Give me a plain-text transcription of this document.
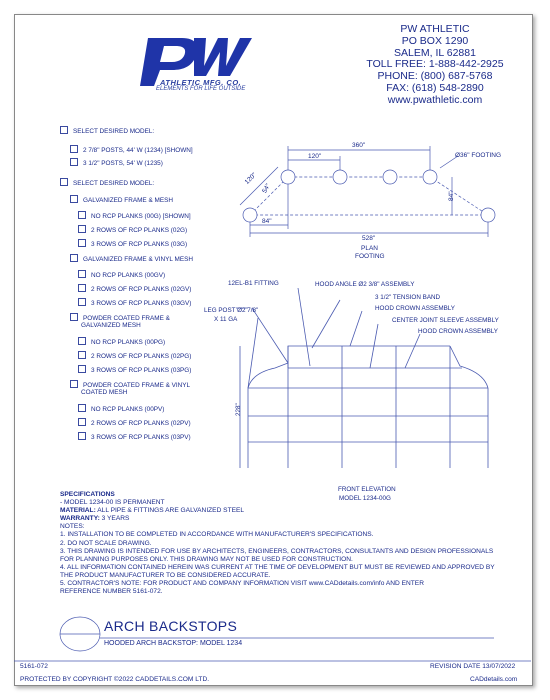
ATHLETIC MFG. CO.
ELEMENTS FOR LIFE OUTSIDE
PW ATHLETIC
PO BOX 1290
SALEM, IL 62881
TOLL FREE: 1-888-442-2925
PHONE: (800) 687-5768
FAX: (618) 548-2890
www.pwathletic.com
SELECT DESIRED MODEL:
2 7/8" POSTS, 44' W (1234) [SHOWN]
3 1/2" POSTS, 54' W (1235)
SELECT DESIRED MODEL:
GALVANIZED FRAME & MESH
NO RCP PLANKS (00G) [SHOWN]
2 ROWS OF RCP PLANKS (02G)
3 ROWS OF RCP PLANKS (03G)
GALVANIZED FRAME & VINYL MESH
NO RCP PLANKS (00GV)
2 ROWS OF RCP PLANKS (02GV)
3 ROWS OF RCP PLANKS (03GV)
POWDER COATED FRAME &
GALVANIZED MESH
NO RCP PLANKS (00PG)
2 ROWS OF RCP PLANKS (02PG)
3 ROWS OF RCP PLANKS (03PG)
POWDER COATED FRAME & VINYL
COATED MESH
NO RCP PLANKS (00PV)
2 ROWS OF RCP PLANKS (02PV)
3 ROWS OF RCP PLANKS (03PV)
360"
120"
120"
54"
84"
84"
528"
Ø36" FOOTING
PLAN
FOOTING
12EL-B1 FITTING	HOOD ANGLE Ø2 3/8" ASSEMBLY
3 1/2" TENSION BAND
HOOD CROWN ASSEMBLY
CENTER JOINT SLEEVE ASSEMBLY
HOOD CROWN ASSEMBLY
LEG POST Ø2 7/8"
X 11 GA
228"
FRONT ELEVATION
MODEL 1234-00G
SPECIFICATIONS
- MODEL 1234-00 IS PERMANENT
MATERIAL: ALL PIPE & FITTINGS ARE GALVANIZED STEEL
WARRANTY: 3 YEARS
NOTES:
1. INSTALLATION TO BE COMPLETED IN ACCORDANCE WITH MANUFACTURER'S SPECIFICATIONS.
2. DO NOT SCALE DRAWING.
3. THIS DRAWING IS INTENDED FOR USE BY ARCHITECTS, ENGINEERS, CONTRACTORS, CONSULTANTS AND DESIGN PROFESSIONALS
FOR PLANNING PURPOSES ONLY. THIS DRAWING MAY NOT BE USED FOR CONSTRUCTION.
4. ALL INFORMATION CONTAINED HEREIN WAS CURRENT AT THE TIME OF DEVELOPMENT BUT MUST BE REVIEWED AND APPROVED BY
THE PRODUCT MANUFACTURER TO BE CONSIDERED ACCURATE.
5. CONTRACTOR'S NOTE: FOR PRODUCT AND COMPANY INFORMATION VISIT www.CADdetails.com/info AND ENTER
REFERENCE NUMBER 5161-072.
ARCH BACKSTOPS
HOODED ARCH BACKSTOP: MODEL 1234
5161-072	REVISION DATE 13/07/2022
PROTECTED BY COPYRIGHT ©2022 CADDETAILS.COM LTD.	CADdetails.com
